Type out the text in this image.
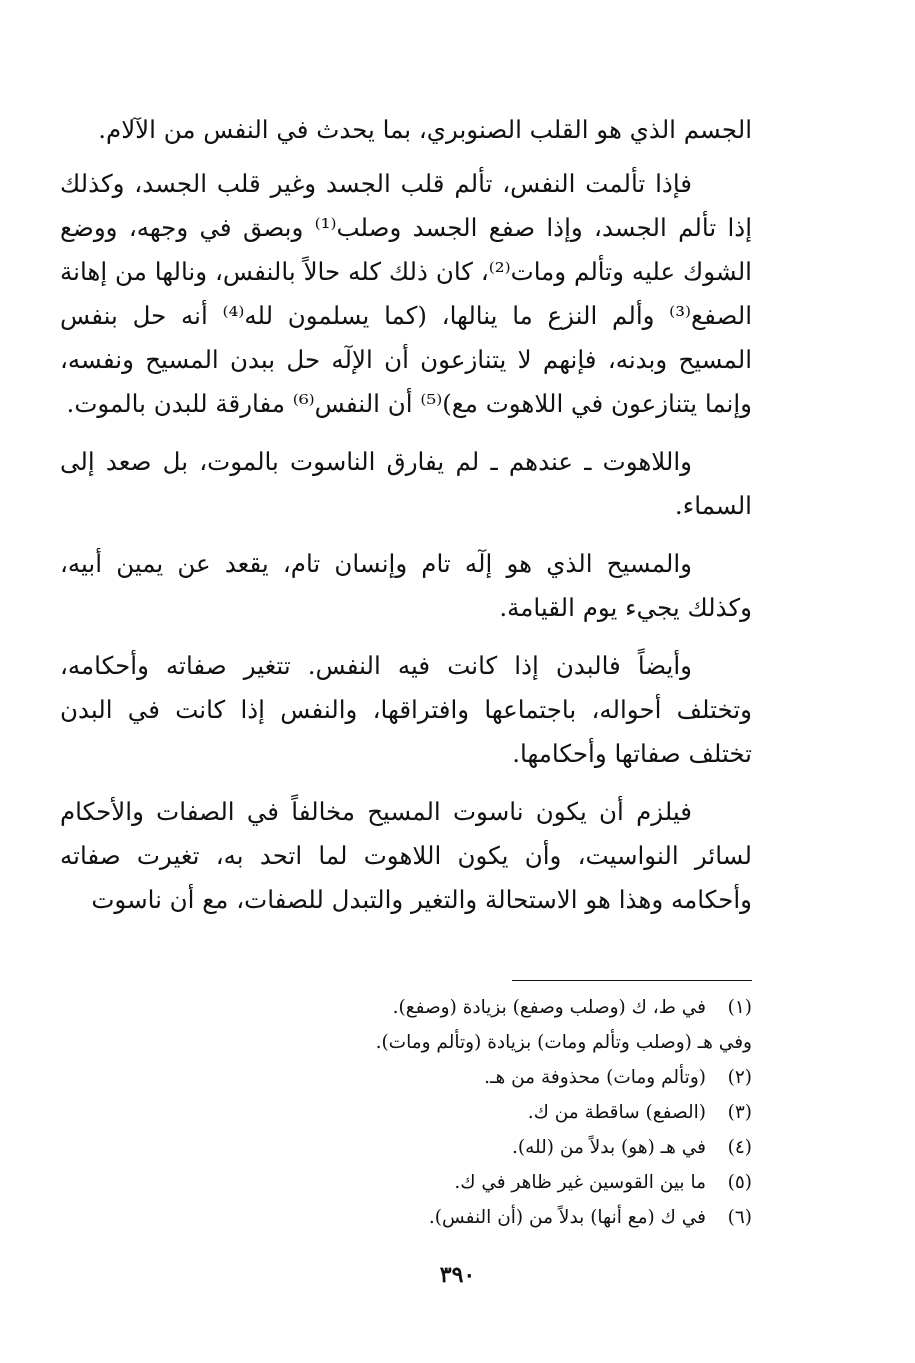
الجسم الذي هو القلب الصنوبري، بما يحدث في النفس من الآلام.

فإذا تألمت النفس، تألم قلب الجسد وغير قلب الجسد، وكذلك إذا تألم الجسد، وإذا صفع الجسد وصلب⁽¹⁾ وبصق في وجهه، ووضع الشوك عليه وتألم ومات⁽²⁾، كان ذلك كله حالاً بالنفس، ونالها من إهانة الصفع⁽³⁾ وألم النزع ما ينالها، (كما يسلمون لله⁽⁴⁾ أنه حل بنفس المسيح وبدنه، فإنهم لا يتنازعون أن الإلٓه حل ببدن المسيح ونفسه، وإنما يتنازعون في اللاهوت مع)⁽⁵⁾ أن النفس⁽⁶⁾ مفارقة للبدن بالموت.

واللاهوت ـ عندهم ـ لم يفارق الناسوت بالموت، بل صعد إلى السماء.

والمسيح الذي هو إلٓه تام وإنسان تام، يقعد عن يمين أبيه، وكذلك يجيء يوم القيامة.

وأيضاً فالبدن إذا كانت فيه النفس. تتغير صفاته وأحكامه، وتختلف أحواله، باجتماعها وافتراقها، والنفس إذا كانت في البدن تختلف صفاتها وأحكامها.

فيلزم أن يكون ناسوت المسيح مخالفاً في الصفات والأحكام لسائر النواسيت، وأن يكون اللاهوت لما اتحد به، تغيرت صفاته وأحكامه وهذا هو الاستحالة والتغير والتبدل للصفات، مع أن ناسوت

(١)
في ط، ك (وصلب وصفع) بزيادة (وصفع).
وفي هـ (وصلب وتألم ومات) بزيادة (وتألم ومات).
(٢)
(وتألم ومات) محذوفة من هـ.
(٣)
(الصفع) ساقطة من ك.
(٤)
في هـ (هو) بدلاً من (لله).
(٥)
ما بين القوسين غير ظاهر في ك.
(٦)
في ك (مع أنها) بدلاً من (أن النفس).
٣٩٠
